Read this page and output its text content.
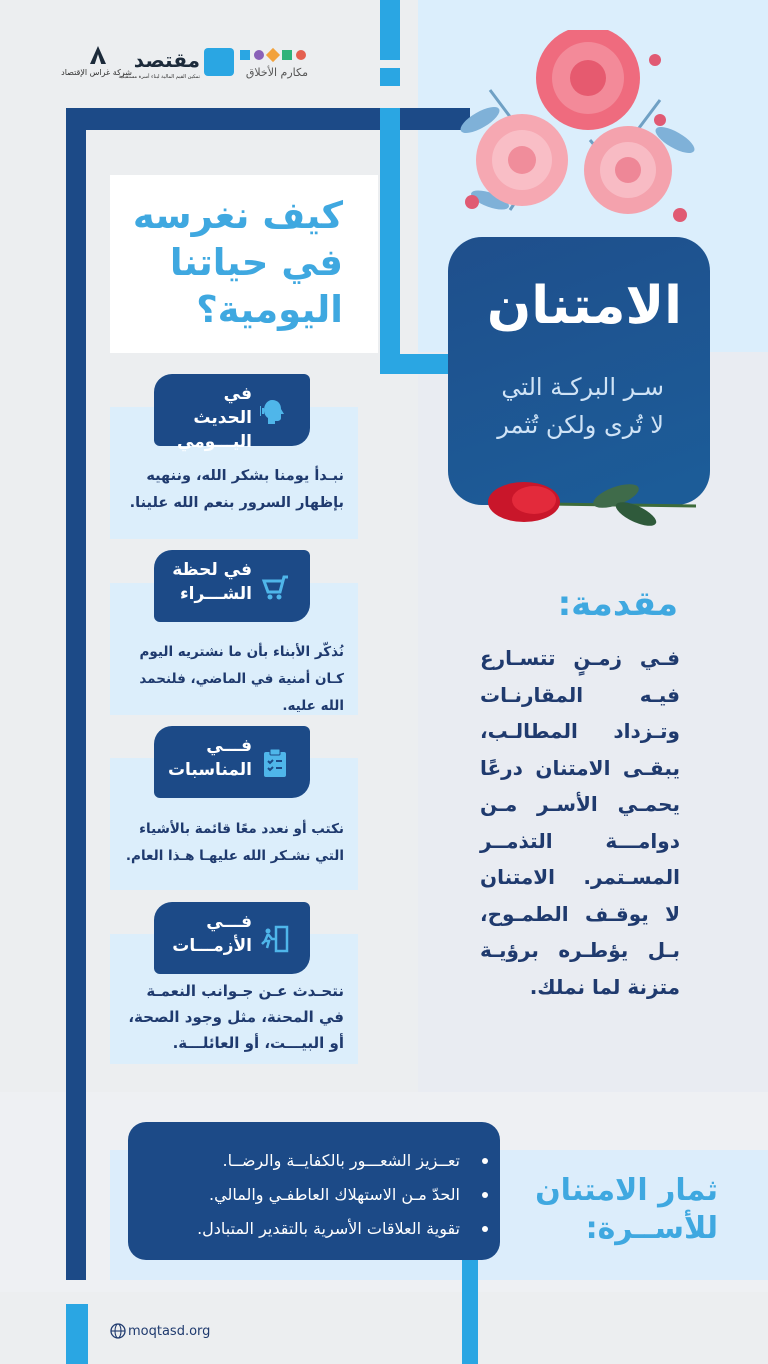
شركة غراس الإقتصاد
مقتصد
تمكين القيم المالية لبناء أسرة مستقبلية	مكارم الأخلاق
كيف نغرسه في حياتنا اليومية؟
نبـدأ يومنا بشكر الله، وننهيه بإظهار السرور بنعم الله علينا.
في الحديث
اليـــومي
نُذكّر الأبناء بأن ما نشتريه اليوم كـان أمنية في الماضي، فلنحمد الله عليه.
في لحظة
الشـــراء
نكتب أو نعدد معًا قائمة بالأشياء التي نشـكر الله عليهـا هـذا العام.
فـــي
المناسبات
نتحـدث عـن جـوانب النعمـة في المحنة، مثل وجود الصحة، أو البيـــت، أو العائلـــة.
فـــي
الأزمـــات
الامتنان

سـر البركـة التي
لا تُرى ولكن تُثمر

مقدمة:

فـي زمـنٍ تتسـارع فيـه المقارنـات وتـزداد المطالـب، يبقـى الامتنان درعًا يحمـي الأسـر مـن دوامـــة التذمــر المسـتمر. الامتنان لا يوقـف الطمـوح، بـل يؤطـره برؤيـة متزنة لما نملك.

تعــزيز الشعـــور بالكفايــة والرضــا.
الحدّ مـن الاستهلاك العاطفـي والمالي.
تقوية العلاقات الأسرية بالتقدير المتبادل.
ثمار الامتنان
للأســرة:
moqtasd.org
